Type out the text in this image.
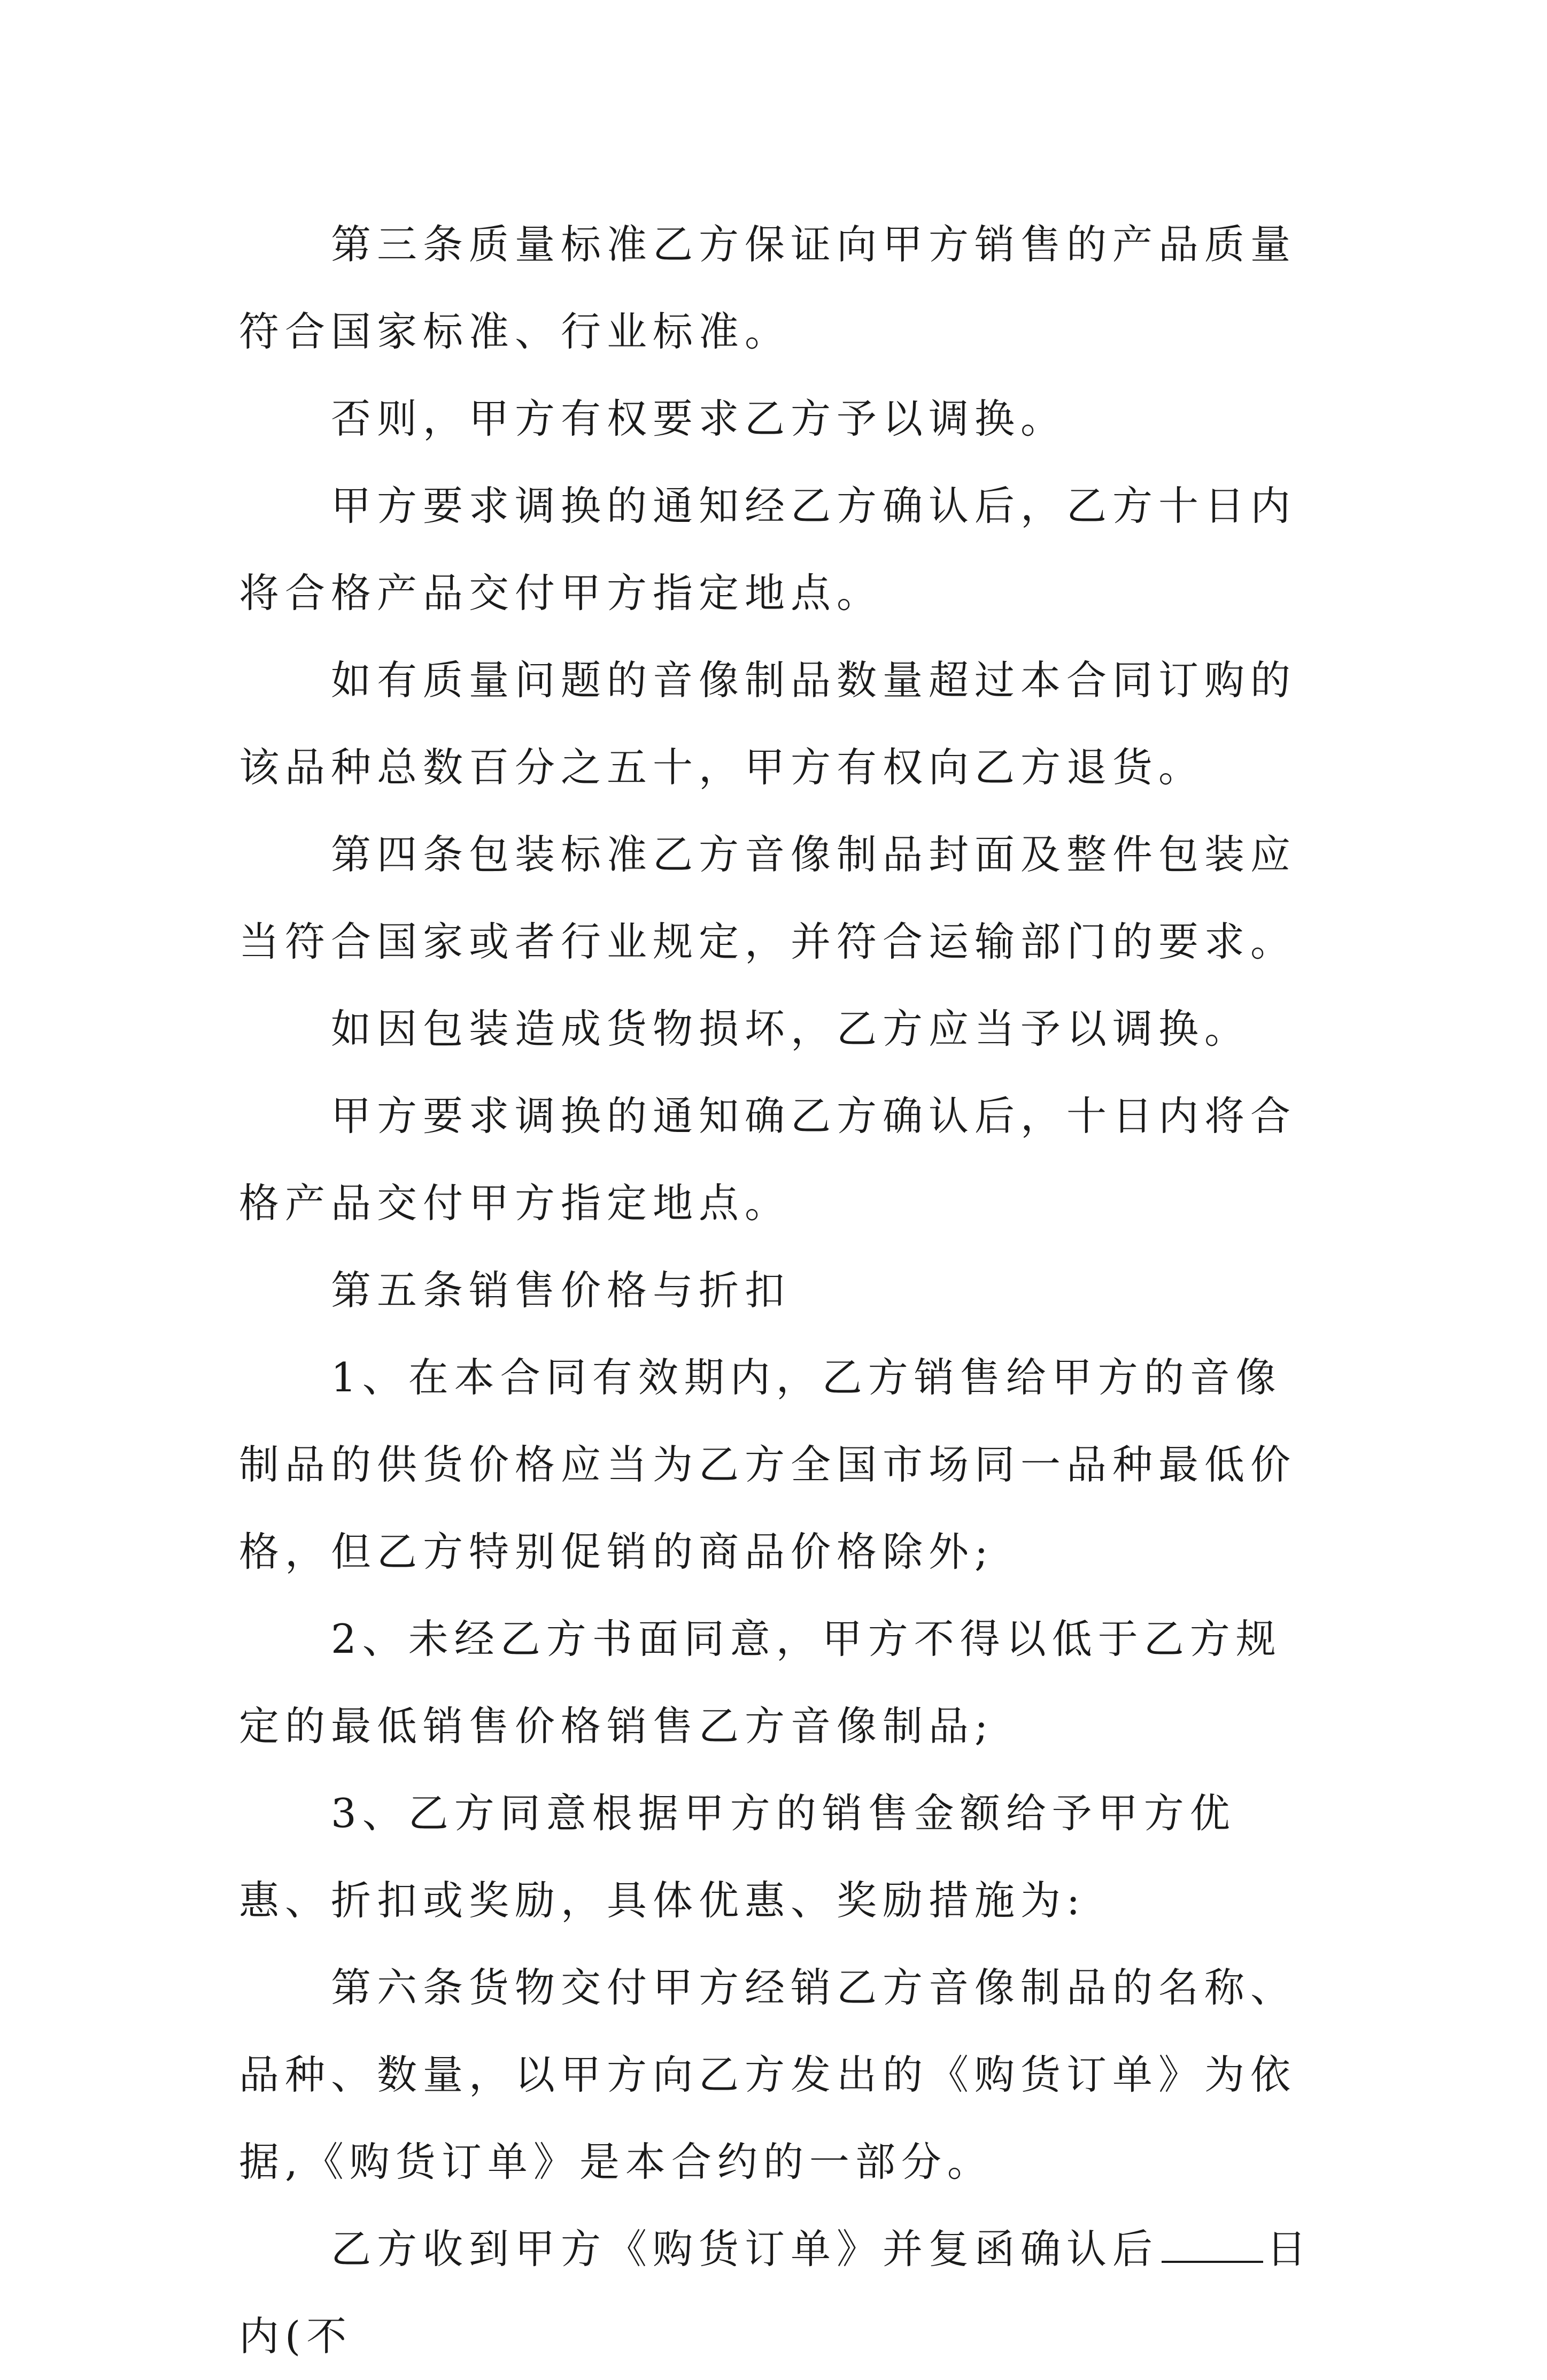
第三条质量标准乙方保证向甲方销售的产品质量符合国家标准、行业标准。

否则，甲方有权要求乙方予以调换。

甲方要求调换的通知经乙方确认后，乙方十日内将合格产品交付甲方指定地点。

如有质量问题的音像制品数量超过本合同订购的该品种总数百分之五十，甲方有权向乙方退货。

第四条包装标准乙方音像制品封面及整件包装应当符合国家或者行业规定，并符合运输部门的要求。

如因包装造成货物损坏，乙方应当予以调换。

甲方要求调换的通知确乙方确认后，十日内将合格产品交付甲方指定地点。

第五条销售价格与折扣

1、在本合同有效期内，乙方销售给甲方的音像制品的供货价格应当为乙方全国市场同一品种最低价格，但乙方特别促销的商品价格除外;

2、未经乙方书面同意，甲方不得以低于乙方规定的最低销售价格销售乙方音像制品;

3、乙方同意根据甲方的销售金额给予甲方优惠、折扣或奖励，具体优惠、奖励措施为:

第六条货物交付甲方经销乙方音像制品的名称、品种、数量，以甲方向乙方发出的《购货订单》为依据,《购货订单》是本合约的一部分。

乙方收到甲方《购货订单》并复函确认后	日内(不
